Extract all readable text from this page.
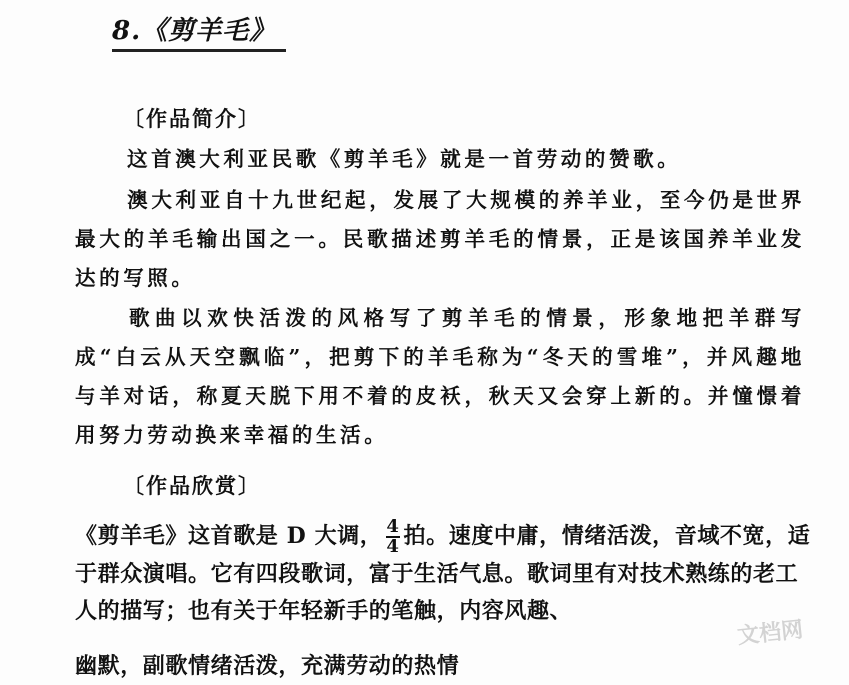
8.《剪羊毛》
〔作品简介〕
这首澳大利亚民歌《剪羊毛》就是一首劳动的赞歌。
澳大利亚自十九世纪起，发展了大规模的养羊业，至今仍是世界最大的羊毛输出国之一。民歌描述剪羊毛的情景，正是该国养羊业发达的写照。
歌曲以欢快活泼的风格写了剪羊毛的情景，形象地把羊群写成“白云从天空飘临”，把剪下的羊毛称为“冬天的雪堆”，并风趣地与羊对话，称夏天脱下用不着的皮袄，秋天又会穿上新的。并憧憬着用努力劳动换来幸福的生活。
〔作品欣赏〕
《剪羊毛》这首歌是 D 大调， $\frac{4}{4}$ 拍。速度中庸，情绪活泼，音域不宽，适于群众演唱。它有四段歌词，富于生活气息。歌词里有对技术熟练的老工人的描写；也有关于年轻新手的笔触，内容风趣、
幽默，副歌情绪活泼，充满劳动的热情
文档网
